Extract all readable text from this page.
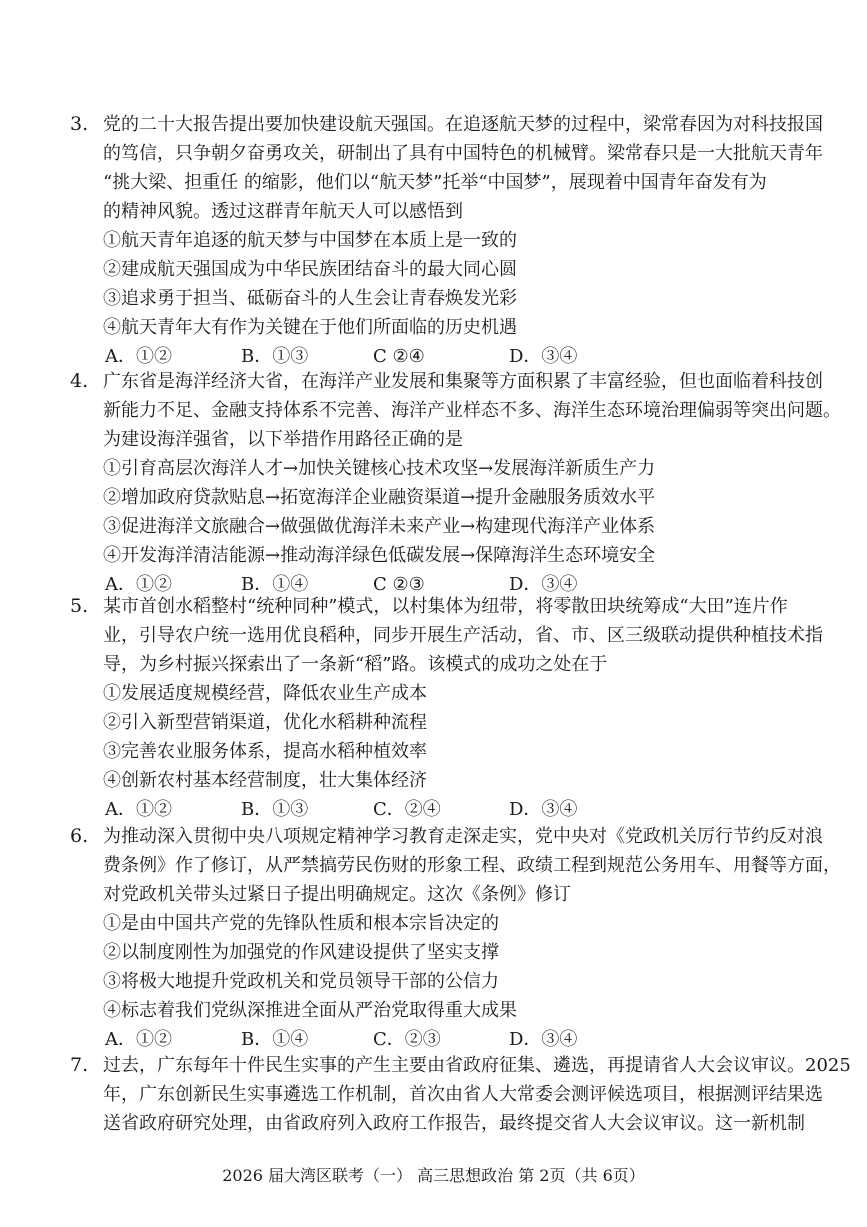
3. 党的二十大报告提出要加快建设航天强国。在追逐航天梦的过程中，梁常春因为对科技报国

的笃信，只争朝夕奋勇攻关，研制出了具有中国特色的机械臂。梁常春只是一大批航天青年

“挑大梁、担重任 的缩影，他们以“航天梦”托举“中国梦”，展现着中国青年奋发有为

的精神风貌。透过这群青年航天人可以感悟到

①航天青年追逐的航天梦与中国梦在本质上是一致的
②建成航天强国成为中华民族团结奋斗的最大同心圆
③追求勇于担当、砥砺奋斗的人生会让青春焕发光彩
④航天青年大有作为关键在于他们所面临的历史机遇
A．①②	B．①③	C ②④	D．③④
4. 广东省是海洋经济大省，在海洋产业发展和集聚等方面积累了丰富经验，但也面临着科技创

新能力不足、金融支持体系不完善、海洋产业样态不多、海洋生态环境治理偏弱等突出问题。

为建设海洋强省，以下举措作用路径正确的是

①引育高层次海洋人才→加快关键核心技术攻坚→发展海洋新质生产力
②增加政府贷款贴息→拓宽海洋企业融资渠道→提升金融服务质效水平
③促进海洋文旅融合→做强做优海洋未来产业→构建现代海洋产业体系
④开发海洋清洁能源→推动海洋绿色低碳发展→保障海洋生态环境安全
A．①②	B．①④	C ②③	D．③④
5. 某市首创水稻整村“统种同种”模式，以村集体为纽带，将零散田块统筹成“大田”连片作

业，引导农户统一选用优良稻种，同步开展生产活动，省、市、区三级联动提供种植技术指

导，为乡村振兴探索出了一条新“稻”路。该模式的成功之处在于

①发展适度规模经营，降低农业生产成本
②引入新型营销渠道，优化水稻耕种流程
③完善农业服务体系，提高水稻种植效率
④创新农村基本经营制度，壮大集体经济
A．①②	B．①③	C．②④	D．③④
6. 为推动深入贯彻中央八项规定精神学习教育走深走实，党中央对《党政机关厉行节约反对浪

费条例》作了修订，从严禁搞劳民伤财的形象工程、政绩工程到规范公务用车、用餐等方面，

对党政机关带头过紧日子提出明确规定。这次《条例》修订

①是由中国共产党的先锋队性质和根本宗旨决定的
②以制度刚性为加强党的作风建设提供了坚实支撑
③将极大地提升党政机关和党员领导干部的公信力
④标志着我们党纵深推进全面从严治党取得重大成果
A．①②	B．①④	C．②③	D．③④
7. 过去，广东每年十件民生实事的产生主要由省政府征集、遴选，再提请省人大会议审议。2025

年，广东创新民生实事遴选工作机制，首次由省人大常委会测评候选项目，根据测评结果选

送省政府研究处理，由省政府列入政府工作报告，最终提交省人大会议审议。这一新机制

2026 届大湾区联考（一） 高三思想政治 第 2页（共 6页）
